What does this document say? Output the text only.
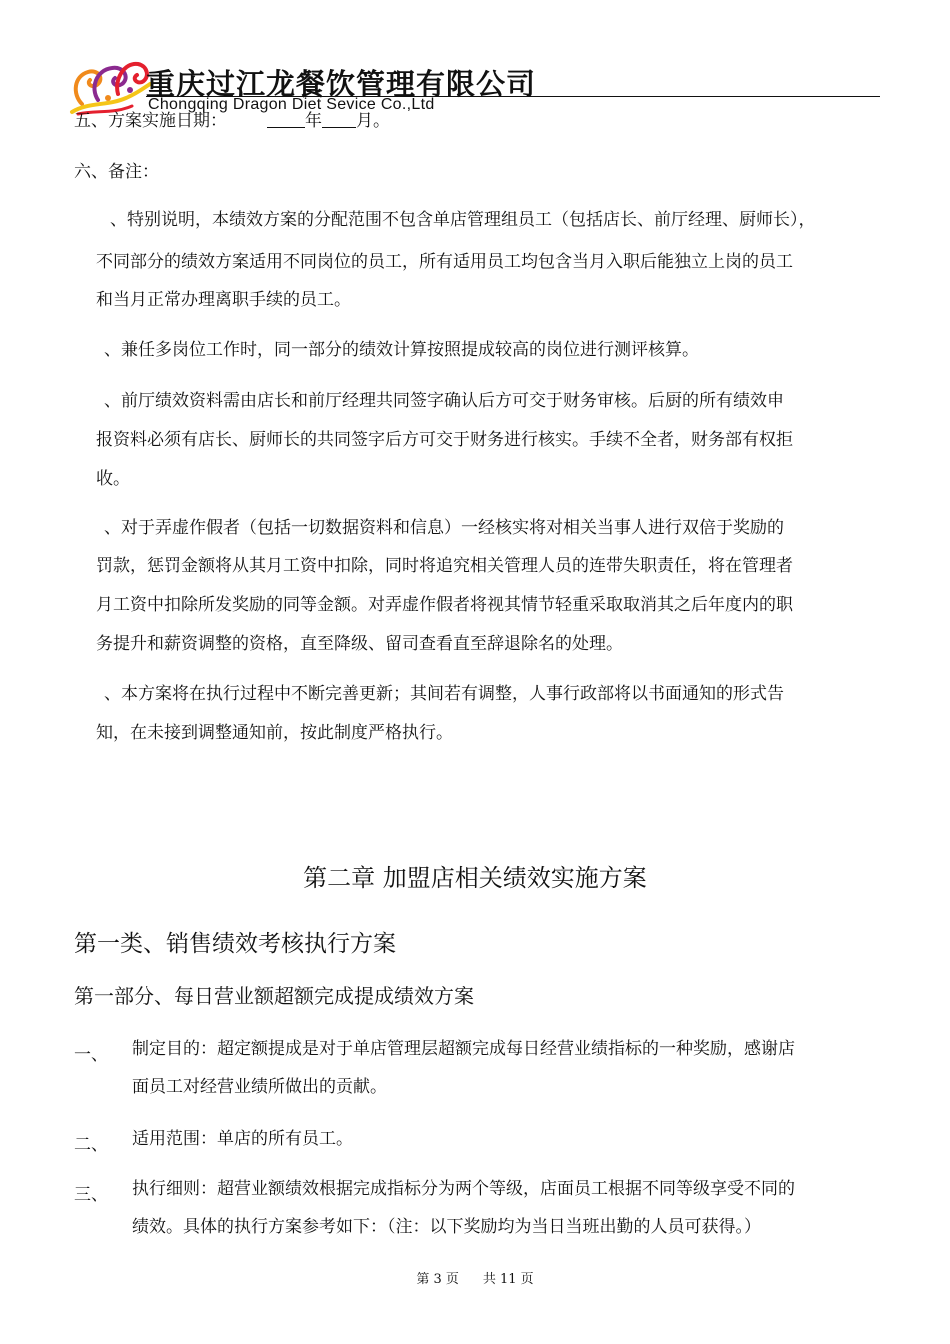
重庆过江龙餐饮管理有限公司
Chongqing Dragon Diet Sevice Co.,Ltd
五、方案实施日期：	年 月。
六、备注：
、特别说明，本绩效方案的分配范围不包含单店管理组员工（包括店长、前厅经理、厨师长），
不同部分的绩效方案适用不同岗位的员工，所有适用员工均包含当月入职后能独立上岗的员工
和当月正常办理离职手续的员工。
、兼任多岗位工作时，同一部分的绩效计算按照提成较高的岗位进行测评核算。
、前厅绩效资料需由店长和前厅经理共同签字确认后方可交于财务审核。后厨的所有绩效申
报资料必须有店长、厨师长的共同签字后方可交于财务进行核实。手续不全者，财务部有权拒
收。
、对于弄虚作假者（包括一切数据资料和信息）一经核实将对相关当事人进行双倍于奖励的
罚款，惩罚金额将从其月工资中扣除，同时将追究相关管理人员的连带失职责任，将在管理者
月工资中扣除所发奖励的同等金额。对弄虚作假者将视其情节轻重采取取消其之后年度内的职
务提升和薪资调整的资格，直至降级、留司查看直至辞退除名的处理。
、本方案将在执行过程中不断完善更新；其间若有调整，人事行政部将以书面通知的形式告
知，在未接到调整通知前，按此制度严格执行。
第二章 加盟店相关绩效实施方案
第一类、销售绩效考核执行方案
第一部分、每日营业额超额完成提成绩效方案
一、 制定目的：超定额提成是对于单店管理层超额完成每日经营业绩指标的一种奖励，感谢店
面员工对经营业绩所做出的贡献。
二、 适用范围：单店的所有员工。
三、 执行细则：超营业额绩效根据完成指标分为两个等级，店面员工根据不同等级享受不同的
绩效。具体的执行方案参考如下：（注：以下奖励均为当日当班出勤的人员可获得。）
第 3 页 共 11 页
